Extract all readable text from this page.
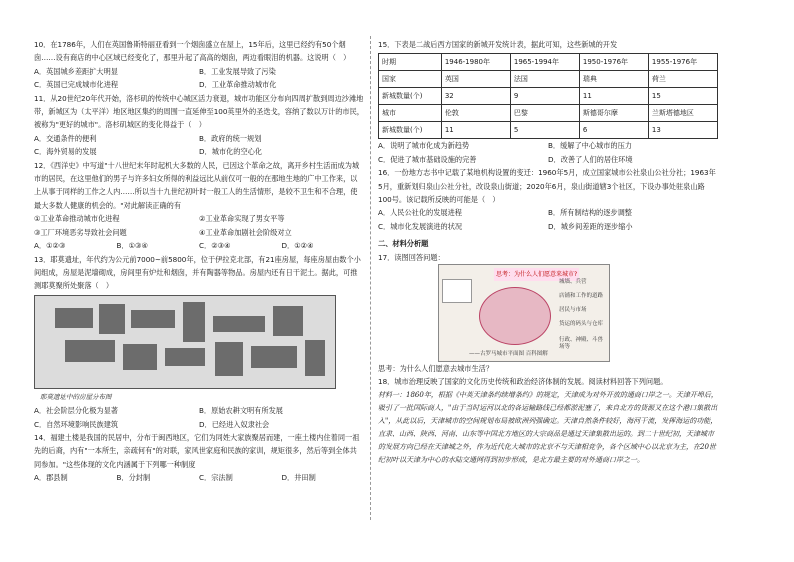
10．在1786年，人们在英国鲁斯特丽亚看到一个烟囱盛立在屋上，15年后，这里已经约有50个烟囱……设有商店的中心区域已经变化了，那里升起了高高的烟囱，两边看眼泪的机器。这说明（　）

A．英国城乡差距扩大明显	B．工业发展导致了污染
C．英国已完成城市化进程	D．工业革命推动城市化

11．从20世纪20年代开始，洛杉矶的传统中心城区活力衰退，城市功能区分布向四周扩散到周边沙滩地带，新城区为（太平洋）地区地区集约的周围一直延伸至100英里外的圣迭戈，容纳了数以万计的市民，被称为"更好的城市"。洛杉矶城区的变化得益于（　）

A．交通条件的便利	B．政府的统一规划
C．海外贸易的发展	D．城市化的空心化

12．《西洋史》中写道"十八世纪末年时起机大多数的人民，已因这个革命之故，离开乡村生活而成为城市的居民，在这里他们的男子与许多妇女所得的利益远比从前仅可一般的在那地生地的广中工作来，以上从事于同样的工作之人内……所以当十九世纪初叶时一般工人的生活情形，是较不卫生和不合理，使最大多数人健康的机会的。"对此解读正确的有

①工业革命推动城市化进程	②工业革命实现了男女平等
③工厂环境恶劣导致社会问题	④工业革命加剧社会阶级对立
A．①②③	B．①③④	C．②③④	D．①②④

13．耶莫遗址，年代约为公元前7000~前5800年，位于伊拉克北部，有21座房屋，每座房屋由数个小间组成，房屋是泥墙砌成，房间里有炉灶和烟囱，并有陶器等物品。房屋内还有日干泥土。据此，可推测耶莫聚所处聚落（　）

耶莫遗址中的房屋分布图

A．社会阶层分化极为显著	B．原始农耕文明有所发展
C．自然环境影响民族建筑	D．已经进入奴隶社会

14．福建土楼是我国的民居中，分布于闽西地区，它们为同姓大家族聚居而建，一座土楼内住着同一祖先的后裔，内有"一本所生，亲疏何有"的对联，家风世家庭和民族的家训，规矩很多，然后等到全体共同参加。"这些体现的文化内涵属于下列哪一种制度

A．郡县制	B．分封制	C．宗法制	D．井田制

15．下表是二战后西方国家的新城开发统计表，据此可知，这些新城的开发

时期	1946-1980年	1965-1994年	1950-1976年	1955-1976年
国家	英国	法国	瑞典	荷兰
新城数量(个)	32	9	11	15
城市	伦敦	巴黎	斯德哥尔摩	兰斯塔德地区
新城数量(个)	11	5	6	13
A．说明了城市化成为新趋势	B．缓解了中心城市的压力
C．促进了城市基础设施的完善	D．改善了人们的居住环境

16．一份地方志书中记载了某地机构设置的变迁：1960年5月，成立国家城市公社泉山公社分社；1963年5月，重新划归泉山公社分社，改设泉山街道；2020年6月，泉山街道辖3个社区，下设办事处驻泉山路100号。该记载所反映的可能是（　）

A．人民公社化的发展进程	B．所有制结构的逐步调整
C．城市化发展演进的状况	D．城乡间差距的逐步缩小

二、材料分析题

17．读图回答问题：

思考：为什么人们愿意来城市?
城墙、兵营
店铺和工作的道路
居民与市场
货运的码头与仓库
行政、神殿、斗兽场等
——古罗马城市平面图 百科图解

思考：为什么人们愿意去城市生活？

18．城市治理反映了国家的文化历史传统和政治经济体制的发展。阅读材料回答下列问题。

材料一：1860年，根据《中英天津条约续增条约》的规定，天津成为对外开放的通商口岸之一。天津开埠后，吸引了一批国际商人，"由于当时运河以北的各运输路线已经都淤泥塞了，来自北方的货源又在这个港口集散出入"，从此以后，天津城市的空间规划布局被欧洲列强确定。天津自然条件较好，海河干流，发挥海运的功能，直隶、山西、陕西、河南、山东等中国北方地区的大宗商品是通过天津集散出运的。到二十世纪初，天津城市的发展方向已经在天津城之外，作为近代化大城市的北京不与天津相竞争，各个区域中心以北京为主，在20世纪初叶以天津为中心的水陆交通网得到初步形成，是北方最主要的对外通商口岸之一。
